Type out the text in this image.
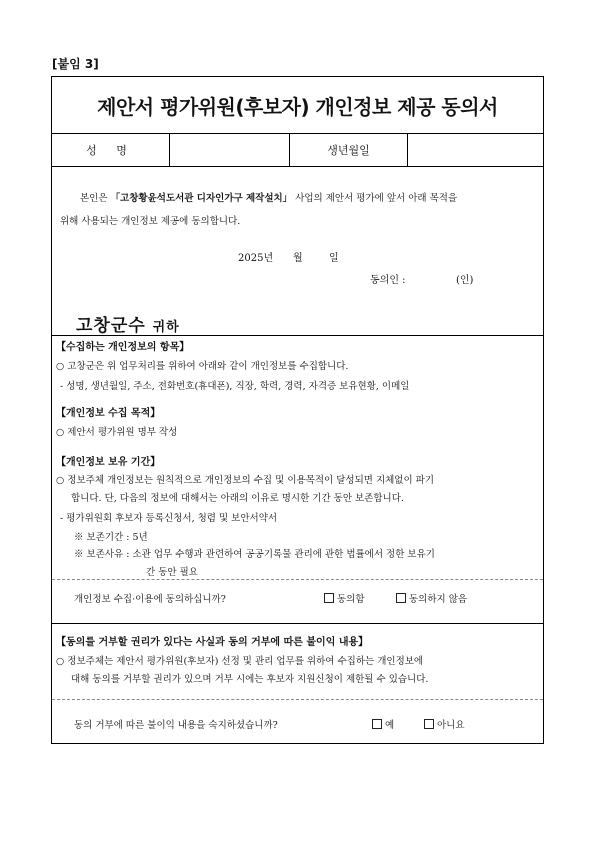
[붙임 3]
제안서 평가위원(후보자) 개인정보 제공 동의서
성 명	생년월일
본인은 「고창황윤석도서관 디자인가구 제작설치」 사업의 제안서 평가에 앞서 아래 목적을
위해 사용되는 개인정보 제공에 동의합니다.
2025년 월	일
동의인 :	(인)
고창군수 귀하
【수집하는 개인정보의 항목】
○ 고창군은 위 업무처리를 위하여 아래와 같이 개인정보를 수집합니다.
- 성명, 생년월일, 주소, 전화번호(휴대폰), 직장, 학력, 경력, 자격증 보유현황, 이메일
【개인정보 수집 목적】
○ 제안서 평가위원 명부 작성
【개인정보 보유 기간】
○ 정보주체 개인정보는 원칙적으로 개인정보의 수집 및 이용목적이 달성되면 지체없이 파기
합니다. 단, 다음의 정보에 대해서는 아래의 이유로 명시한 기간 동안 보존합니다.
- 평가위원회 후보자 등록신청서, 청렴 및 보안서약서
※ 보존기간 : 5년
※ 보존사유 : 소관 업무 수행과 관련하여 공공기록물 관리에 관한 법률에서 정한 보유기
간 동안 필요
개인정보 수집·이용에 동의하십니까?	동의함	동의하지 않음
【동의를 거부할 권리가 있다는 사실과 동의 거부에 따른 불이익 내용】
○ 정보주체는 제안서 평가위원(후보자) 선정 및 관리 업무를 위하여 수집하는 개인정보에
대해 동의를 거부할 권리가 있으며 거부 시에는 후보자 지원신청이 제한될 수 있습니다.
동의 거부에 따른 불이익 내용을 숙지하셨습니까?	예	아니요
